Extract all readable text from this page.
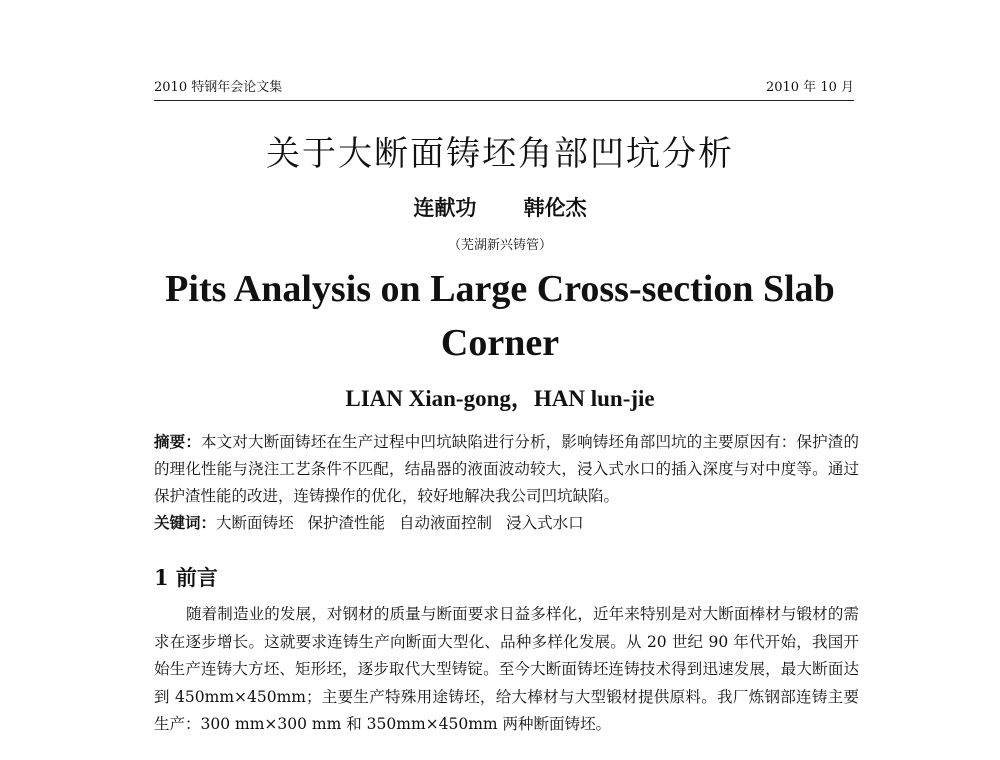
2010 特钢年会论文集	2010 年 10 月
关于大断面铸坯角部凹坑分析
连献功 韩伦杰
（芜湖新兴铸管）
Pits Analysis on Large Cross-section Slab Corner
LIAN Xian-gong，HAN lun-jie
摘要：本文对大断面铸坯在生产过程中凹坑缺陷进行分析，影响铸坯角部凹坑的主要原因有：保护渣的的理化性能与浇注工艺条件不匹配，结晶器的液面波动较大，浸入式水口的插入深度与对中度等。通过保护渣性能的改进，连铸操作的优化，较好地解决我公司凹坑缺陷。
关键词：大断面铸坯 保护渣性能 自动液面控制 浸入式水口
1 前言
随着制造业的发展，对钢材的质量与断面要求日益多样化，近年来特别是对大断面棒材与锻材的需求在逐步增长。这就要求连铸生产向断面大型化、品种多样化发展。从 20 世纪 90 年代开始，我国开始生产连铸大方坯、矩形坯，逐步取代大型铸锭。至今大断面铸坯连铸技术得到迅速发展，最大断面达到 450mm×450mm；主要生产特殊用途铸坯，给大棒材与大型锻材提供原料。我厂炼钢部连铸主要生产：300 mm×300 mm 和 350mm×450mm 两种断面铸坯。
